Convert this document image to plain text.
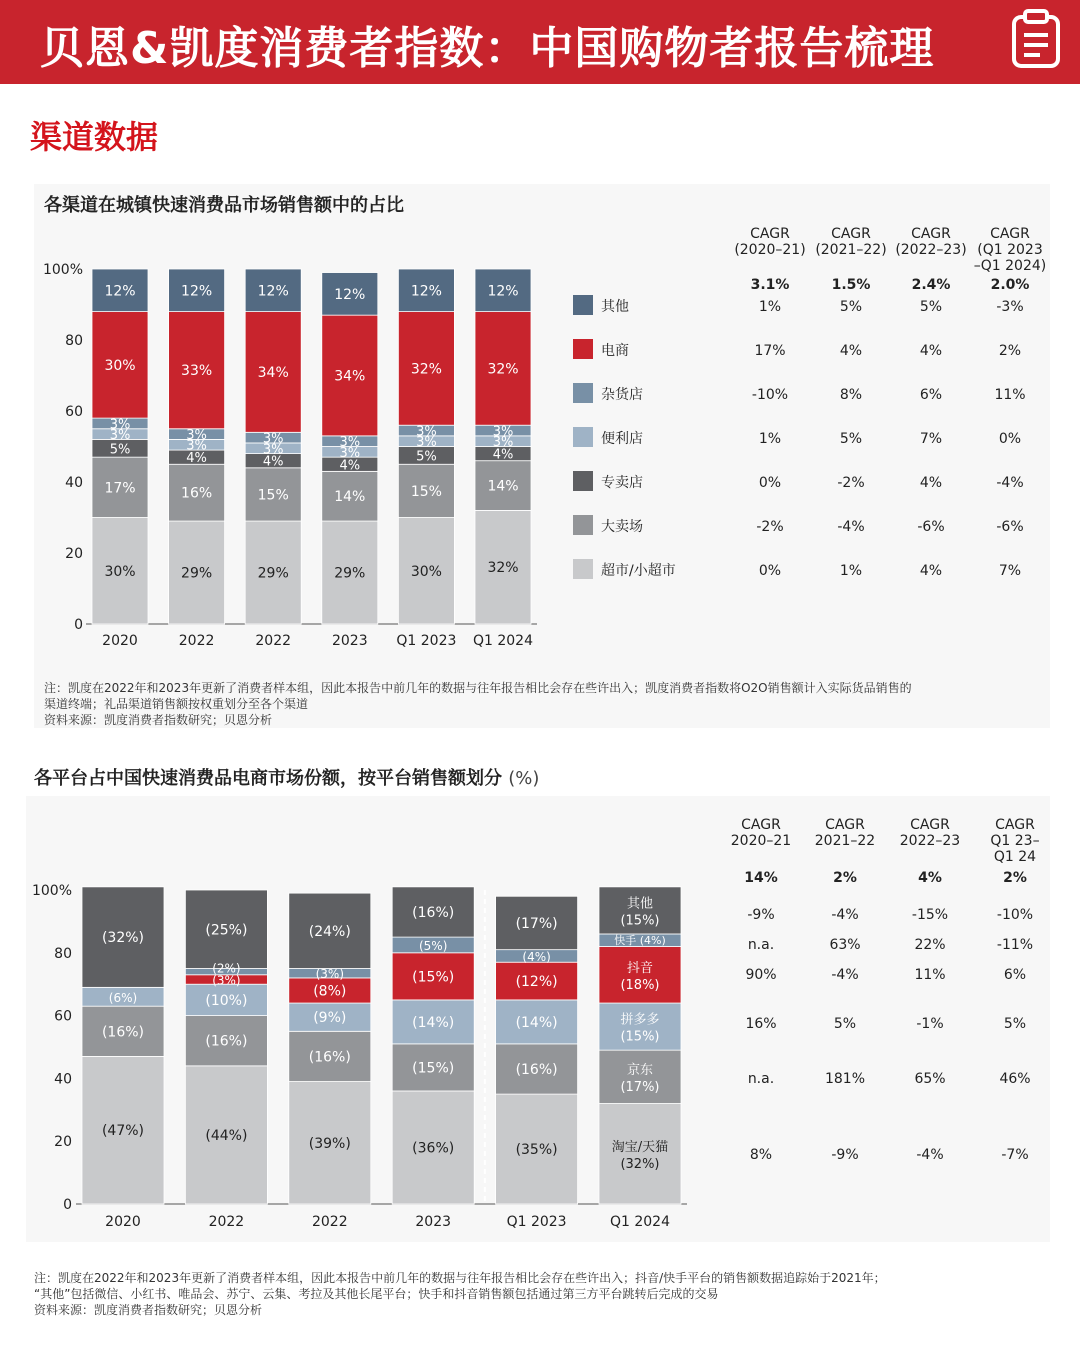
贝恩&凯度消费者指数：中国购物者报告梳理
渠道数据
各渠道在城镇快速消费品市场销售额中的占比
0
20
40
60
80
100%
30%
17%
30%
12%
5%
3%
3%
2020
29%
16%
33%
12%
4%
3%
3%
2022
29%
15%
34%
12%
4%
3%
3%
2022
29%
14%
34%
12%
4%
3%
3%
2023
30%
15%
32%
12%
5%
3%
3%
Q1 2023
32%
14%
32%
12%
4%
3%
3%
Q1 2024
CAGR
(2020–21)
CAGR
(2021–22)
CAGR
(2022–23)
CAGR
(Q1 2023
–Q1 2024)
3.1%	1.5%	2.4%	2.0%
其他	1%	5%	5%	-3%
电商	17%	4%	4%	2%
杂货店	-10%	8%	6%	11%
便利店	1%	5%	7%	0%
专卖店	0%	-2%	4%	-4%
大卖场	-2%	-4%	-6%	-6%
超市/小超市	0%	1%	4%	7%
注：凯度在2022年和2023年更新了消费者样本组，因此本报告中前几年的数据与往年报告相比会存在些许出入；凯度消费者指数将O2O销售额计入实际货品销售的
渠道终端；礼品渠道销售额按权重划分至各个渠道
资料来源：凯度消费者指数研究；贝恩分析
各平台占中国快速消费品电商市场份额，按平台销售额划分 (%)
0
20
40
60
80
100%
(47%)
(16%)
(32%)
(6%)
2020
(44%)
(16%)
(10%)
(25%)
(3%)
(2%)
2022
(39%)
(16%)
(9%)
(8%)
(24%)
(3%)
2022
(36%)
(15%)
(14%)
(15%)
(16%)
(5%)
2023
(35%)
(16%)
(14%)
(12%)
(17%)
(4%)
Q1 2023
淘宝/天猫
(32%)
京东
(17%)
拼多多
(15%)
抖音
(18%)
快手 (4%)
其他
(15%)
Q1 2024
CAGR
2020–21
CAGR
2021–22
CAGR
2022–23
CAGR
Q1 23–
Q1 24
14%	2%	4%	2%
-9%	-4%	-15%	-10%
n.a.	63%	22%	-11%
90%	-4%	11%	6%
16%	5%	-1%	5%
n.a.	181%	65%	46%
8%	-9%	-4%	-7%
注：凯度在2022年和2023年更新了消费者样本组，因此本报告中前几年的数据与往年报告相比会存在些许出入；抖音/快手平台的销售额数据追踪始于2021年；
“其他”包括微信、小红书、唯品会、苏宁、云集、考拉及其他长尾平台；快手和抖音销售额包括通过第三方平台跳转后完成的交易
资料来源：凯度消费者指数研究；贝恩分析
